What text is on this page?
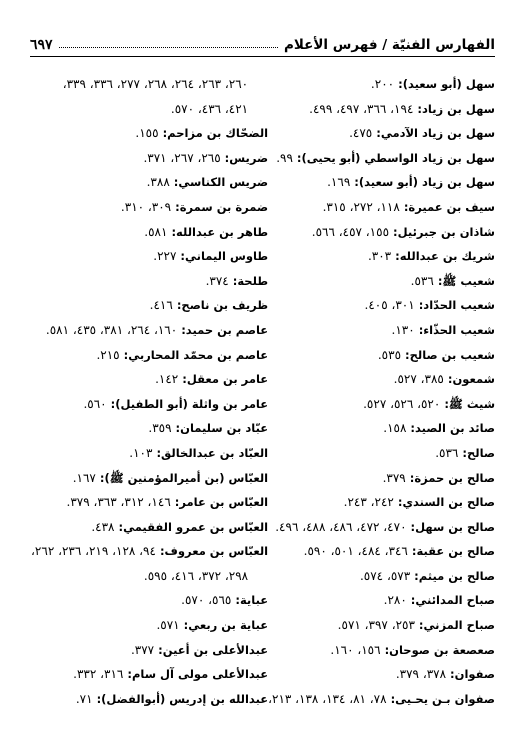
الفهارس الفنيّة / فهرس الأعلام
٦٩٧
سهل (أبو سعيد):٢٠٠.
سهل بن زياد:١٩٤، ٣٦٦، ٤٩٧، ٤٩٩.
سهل بن زياد الآدمي:٤٧٥.
سهل بن زياد الواسطي (أبو يحيى):٩٩.
سهل بن زياد (أبو سعيد):١٦٩.
سيف بن عميرة:١١٨، ٢٧٢، ٣١٥.
شاذان بن جبرئيل:١٥٥، ٤٥٧، ٥٦٦.
شريك بن عبدالله:٣٠٣.
شعيب ﷺ:٥٣٦.
شعيب الحدّاد:٣٠١، ٤٠٥.
شعيب الحذّاء:١٣٠.
شعيب بن صالح:٥٣٥.
شمعون:٣٨٥، ٥٢٧.
شيث ﷺ:٥٢٠، ٥٢٦، ٥٢٧.
صائد بن الصيد:١٥٨.
صالح:٥٣٦.
صالح بن حمزة:٣٧٩.
صالح بن السندي:٢٤٢، ٢٤٣.
صالح بن سهل:٤٧٠، ٤٧٢، ٤٨٦، ٤٨٨، ٤٩٦.
صالح بن عقبة:٣٤٦، ٤٨٤، ٥٠١، ٥٩٠.
صالح بن ميثم:٥٧٣، ٥٧٤.
صباح المدائني:٢٨٠.
صباح المزني:٢٥٣، ٣٩٧، ٥٧١.
صعصعة بن صوحان:١٥٦، ١٦٠.
صفوان:٣٧٨، ٣٧٩.
صفوان بـن يحـيى:٧٨، ٨١، ١٣٤، ١٣٨، ٢١٣،
٢٦٠، ٢٦٣، ٢٦٤، ٢٦٨، ٢٧٧، ٣٣٦، ٣٣٩،
٤٢١، ٤٣٦، ٥٧٠.
الضحّاك بن مزاحم:١٥٥.
ضريس:٢٦٥، ٢٦٧، ٣٧١.
ضريس الكناسي:٣٨٨.
ضمرة بن سمرة:٣٠٩، ٣١٠.
طاهر بن عبدالله:٥٨١.
طاوس اليماني:٢٢٧.
طلحة:٣٧٤.
ظريف بن ناصح:٤١٦.
عاصم بن حميد:١٦٠، ٢٦٤، ٣٨١، ٤٣٥، ٥٨١.
عاصم بن محمّد المحاربي:٢١٥.
عامر بن معقل:١٤٢.
عامر بن واثلة (أبو الطفيل):٥٦٠.
عبّاد بن سليمان:٣٥٩.
العبّاد بن عبدالخالق:١٠٣.
العبّاس (بن أميرالمؤمنين ﷺ):١٦٧.
العبّاس بن عامر:١٤٦، ٣١٢، ٣٦٣، ٣٧٩.
العبّاس بن عمرو الفقيمي:٤٣٨.
العبّاس بن معروف:٩٤، ١٢٨، ٢١٩، ٢٣٦، ٢٦٢،
٢٩٨، ٣٧٢، ٤١٦، ٥٩٥.
عباية:٥٦٥، ٥٧٠.
عباية بن ربعي:٥٧١.
عبدالأعلى بن أعين:٣٧٧.
عبدالأعلى مولى آل سام:٣١٦، ٣٣٢.
عبدالله بن إدريس (أبوالفضل):٧١.
